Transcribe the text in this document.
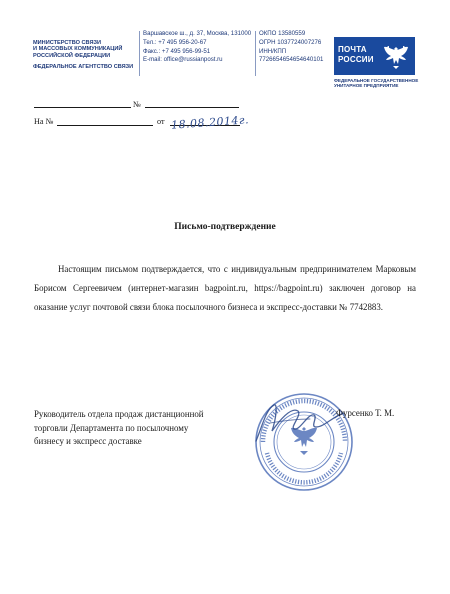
МИНИСТЕРСТВО СВЯЗИ
И МАССОВЫХ КОММУНИКАЦИЙ
РОССИЙСКОЙ ФЕДЕРАЦИИ
ФЕДЕРАЛЬНОЕ АГЕНТСТВО СВЯЗИ
Варшавское ш., д. 37, Москва, 131000
Тел.: +7 495 956-20-67
Факс.: +7 495 956-99-51
E-mail: office@russianpost.ru
ОКПО 13580559
ОГРН 1037724007276
ИНН/КПП
7726654654654640101
ПОЧТА
РОССИИ
ФЕДЕРАЛЬНОЕ ГОСУДАРСТВЕННОЕ
УНИТАРНОЕ ПРЕДПРИЯТИЕ
№
На №	от 18.08.2014г.
Письмо-подтверждение

Настоящим письмом подтверждается, что с индивидуальным предпринимателем Марковым Борисом Сергеевичем (интернет-магазин bagpoint.ru, https://bagpoint.ru) заключен договор на оказание услуг почтовой связи блока посылочного бизнеса и экспресс-доставки № 7742883.

Руководитель отдела продаж дистанционной
торговли Департамента по посылочному
бизнесу и экспресс доставке
Фурсенко Т. М.
